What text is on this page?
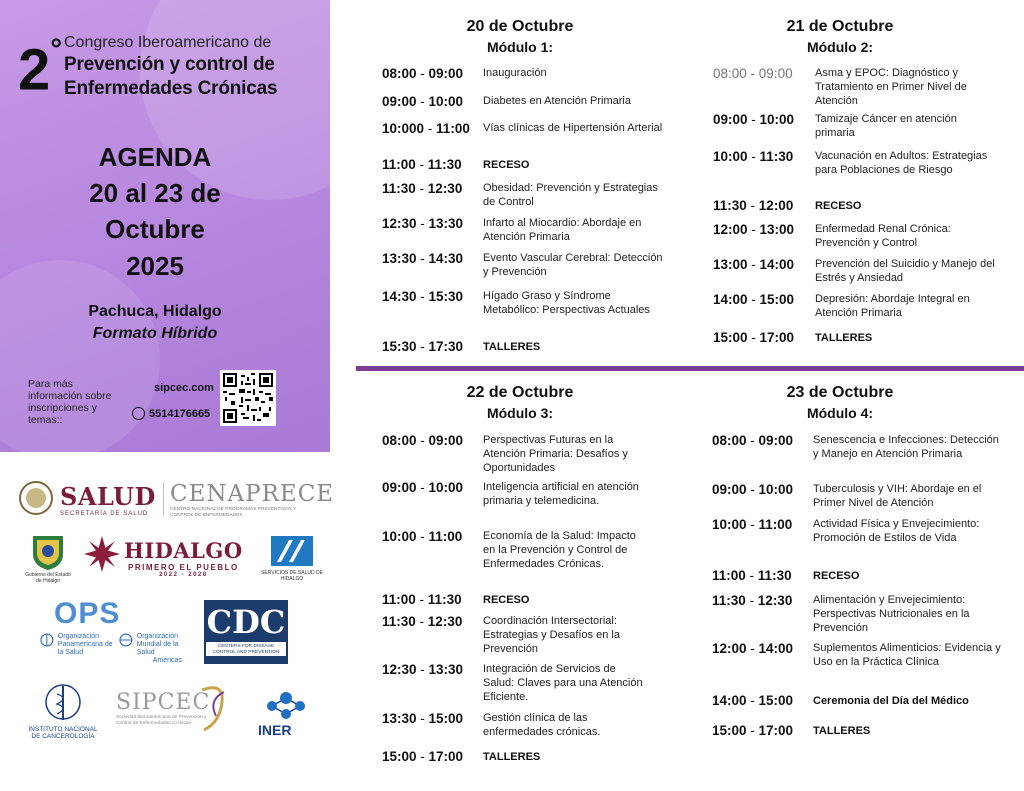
2° Congreso Iberoamericano de
Prevención y control de
Enfermedades Crónicas
AGENDA
20 al 23 de
Octubre
2025
Pachuca, Hidalgo
Formato Híbrido
Para más información sobre inscripciones y temas::
sipcec.com
5514176665
SALUD
SECRETARÍA DE SALUD
CENAPRECE
CENTRO NACIONAL DE PROGRAMAS PREVENTIVOS Y CONTROL DE ENFERMEDADES
Gobierno del Estado de Hidalgo
HIDALGO
PRIMERO EL PUEBLO
2022 - 2028	SERVICIOS DE SALUD DE HIDALGO
OPS
Organización Panamericana de la Salud
Organización Mundial de la Salud
Américas
CDC
CENTERS FOR DISEASE CONTROL AND PREVENTION
INSTITUTO NACIONAL DE CANCEROLOGÍA
SIPCEC
Sociedad Iberoamericana de Prevención y Control de Enfermedades Crónicas	INER
20 de Octubre
Módulo 1:
08:00 - 09:00 Inauguración
09:00 - 10:00 Diabetes en Atención Primaria
10:000 - 11:00 Vías clínicas de Hipertensión Arterial
11:00 - 11:30 RECESO
11:30 - 12:30 Obesidad: Prevención y Estrategias de Control
12:30 - 13:30 Infarto al Miocardio: Abordaje en Atención Primaria
13:30 - 14:30 Evento Vascular Cerebral: Detección y Prevención
14:30 - 15:30 Hígado Graso y Síndrome Metabólico: Perspectivas Actuales
15:30 - 17:30 TALLERES
21 de Octubre
Módulo 2:
08:00 - 09:00 Asma y EPOC: Diagnóstico y Tratamiento en Primer Nivel de Atención
09:00 - 10:00 Tamizaje Cáncer en atención primaria
10:00 - 11:30 Vacunación en Adultos: Estrategias para Poblaciones de Riesgo
11:30 - 12:00 RECESO
12:00 - 13:00 Enfermedad Renal Crónica: Prevención y Control
13:00 - 14:00 Prevención del Suicidio y Manejo del Estrés y Ansiedad
14:00 - 15:00 Depresión: Abordaje Integral en Atención Primaria
15:00 - 17:00 TALLERES
22 de Octubre
Módulo 3:
08:00 - 09:00 Perspectivas Futuras en la Atención Primaria: Desafíos y Oportunidades
09:00 - 10:00 Inteligencia artificial en atención primaria y telemedicina.
10:00 - 11:00 Economía de la Salud: Impacto en la Prevención y Control de Enfermedades Crónicas.
11:00 - 11:30 RECESO
11:30 - 12:30 Coordinación Intersectorial: Estrategias y Desafíos en la Prevención
12:30 - 13:30 Integración de Servicios de Salud: Claves para una Atención Eficiente.
13:30 - 15:00 Gestión clínica de las enfermedades crónicas.
15:00 - 17:00 TALLERES
23 de Octubre
Módulo 4:
08:00 - 09:00 Senescencia e Infecciones: Detección y Manejo en Atención Primaria
09:00 - 10:00 Tuberculosis y VIH: Abordaje en el Primer Nivel de Atención
10:00 - 11:00 Actividad Física y Envejecimiento: Promoción de Estilos de Vida
11:00 - 11:30 RECESO
11:30 - 12:30 Alimentación y Envejecimiento: Perspectivas Nutricionales en la Prevención
12:00 - 14:00 Suplementos Alimenticios: Evidencia y Uso en la Práctica Clínica
14:00 - 15:00 Ceremonia del Día del Médico
15:00 - 17:00 TALLERES
